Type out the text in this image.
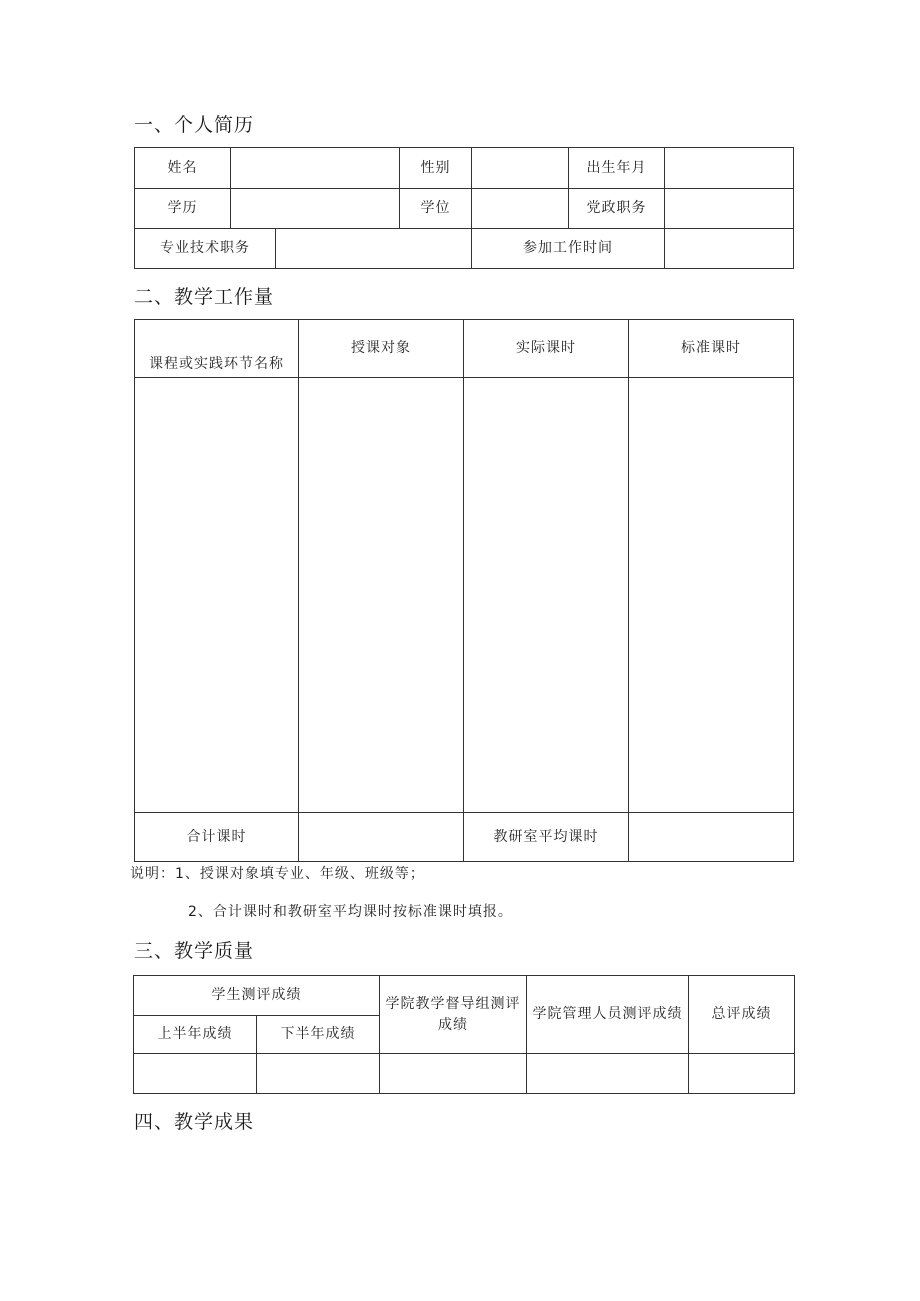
一、个人简历
姓名			性别		出生年月	
学历			学位		党政职务	
专业技术职务				参加工作时间		
二、教学工作量
课程或实践环节名称	授课对象	实际课时	标准课时

合计课时		教研室平均课时	
说明：1、授课对象填专业、年级、班级等；
2、合计课时和教研室平均课时按标准课时填报。
三、教学质量
学生测评成绩		学院教学督导组测评成绩	学院管理人员测评成绩	总评成绩
上半年成绩	下半年成绩			

四、教学成果
